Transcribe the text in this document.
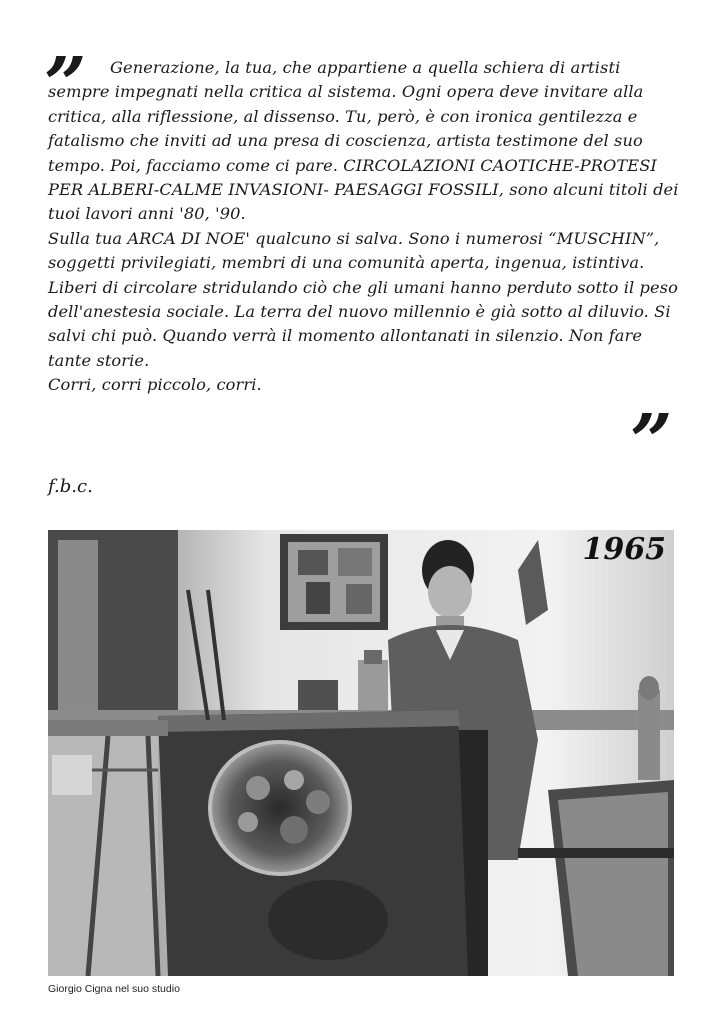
”	Generazione, la tua, che appartiene a quella schiera di artisti sempre impegnati nella critica al sistema. Ogni opera deve invitare alla critica, alla riflessione, al dissenso. Tu, però, è con ironica gentilezza e fatalismo che inviti ad una presa di coscienza, artista testimone del suo tempo. Poi, facciamo come ci pare. CIRCOLAZIONI CAOTICHE-PROTESI PER ALBERI-CALME INVASIONI- PAESAGGI FOSSILI, sono alcuni titoli dei tuoi lavori anni '80, '90.

Sulla tua ARCA DI NOE' qualcuno si salva. Sono i numerosi “MUSCHIN”, soggetti privilegiati, membri di una comunità aperta, ingenua, istintiva. Liberi di circolare stridulando ciò che gli umani hanno perduto sotto il peso dell'anestesia sociale. La terra del nuovo millennio è già sotto al diluvio. Si salvi chi può. Quando verrà il momento allontanati in silenzio. Non fare tante storie.

Corri, corri piccolo, corri.

”
f.b.c.
1965
Giorgio Cigna nel suo studio
